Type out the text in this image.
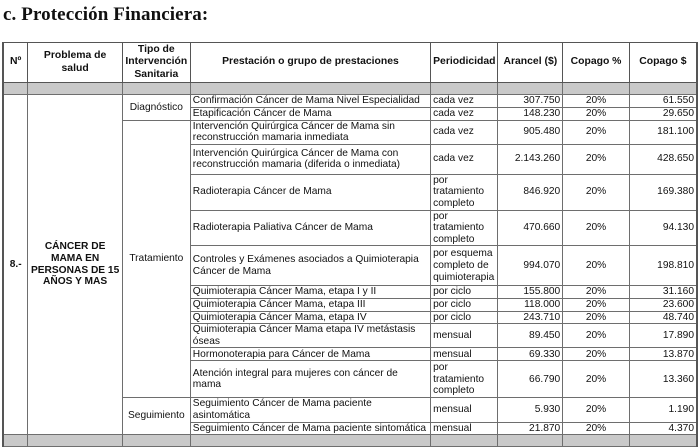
c. Protección Financiera:
Nº	Problema de salud	Tipo de Intervención Sanitaria	Prestación o grupo de prestaciones	Periodicidad	Arancel ($)	Copago %	Copago $

8.-	CÁNCER DE MAMA EN PERSONAS DE 15 AÑOS Y MAS	Diagnóstico	Confirmación Cáncer de Mama Nivel Especialidad	cada vez	307.750	20%	61.550
			Etapificación Cáncer de Mama	cada vez	148.230	20%	29.650
		Tratamiento	Intervención Quirúrgica Cáncer de Mama sin reconstrucción mamaria inmediata	cada vez	905.480	20%	181.100
			Intervención Quirúrgica Cáncer de Mama con reconstrucción mamaria (diferida o inmediata)	cada vez	2.143.260	20%	428.650
			Radioterapia Cáncer de Mama	por tratamiento completo	846.920	20%	169.380
			Radioterapia Paliativa Cáncer de Mama	por tratamiento completo	470.660	20%	94.130
			Controles y Exámenes asociados a Quimioterapia Cáncer de Mama	por esquema completo de quimioterapia	994.070	20%	198.810
			Quimioterapia Cáncer Mama, etapa I y II	por ciclo	155.800	20%	31.160
			Quimioterapia Cáncer Mama, etapa III	por ciclo	118.000	20%	23.600
			Quimioterapia Cáncer Mama, etapa IV	por ciclo	243.710	20%	48.740
			Quimioterapia Cáncer Mama etapa IV metástasis óseas	mensual	89.450	20%	17.890
			Hormonoterapia para Cáncer de Mama	mensual	69.330	20%	13.870
			Atención integral para mujeres con cáncer de mama	por tratamiento completo	66.790	20%	13.360
		Seguimiento	Seguimiento Cáncer de Mama paciente asintomática	mensual	5.930	20%	1.190
			Seguimiento Cáncer de Mama paciente sintomática	mensual	21.870	20%	4.370
